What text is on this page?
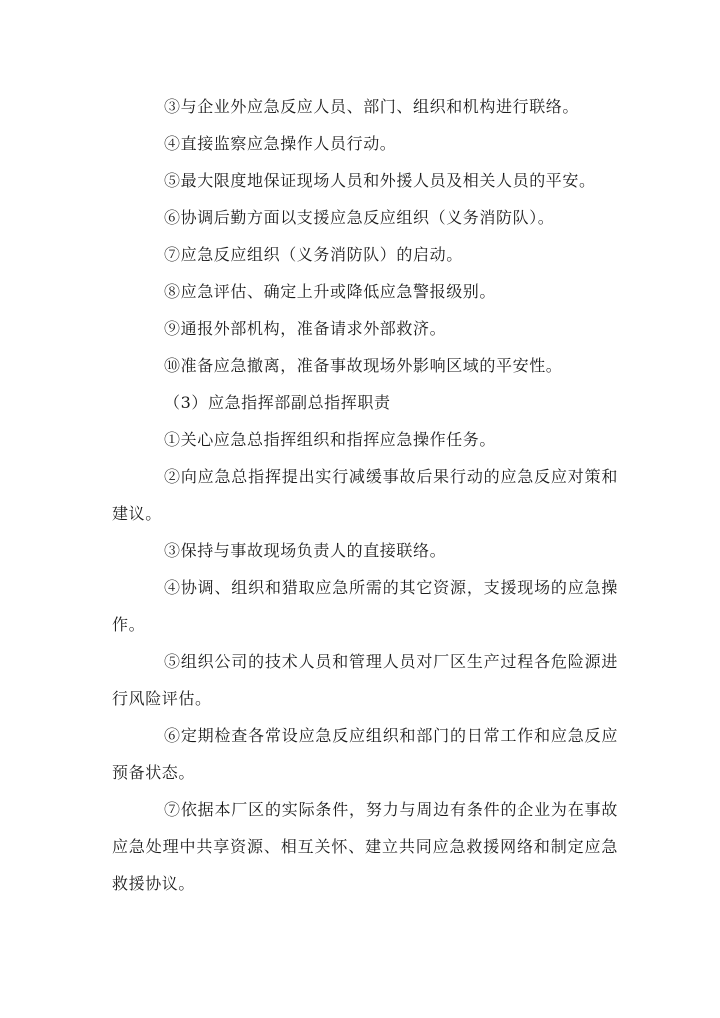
③与企业外应急反应人员、部门、组织和机构进行联络。

④直接监察应急操作人员行动。

⑤最大限度地保证现场人员和外援人员及相关人员的平安。

⑥协调后勤方面以支援应急反应组织（义务消防队）。

⑦应急反应组织（义务消防队）的启动。

⑧应急评估、确定上升或降低应急警报级别。

⑨通报外部机构，准备请求外部救济。

⑩准备应急撤离，准备事故现场外影响区域的平安性。

（3）应急指挥部副总指挥职责

①关心应急总指挥组织和指挥应急操作任务。

②向应急总指挥提出实行减缓事故后果行动的应急反应对策和建议。

③保持与事故现场负责人的直接联络。

④协调、组织和猎取应急所需的其它资源，支援现场的应急操作。

⑤组织公司的技术人员和管理人员对厂区生产过程各危险源进行风险评估。

⑥定期检查各常设应急反应组织和部门的日常工作和应急反应预备状态。

⑦依据本厂区的实际条件，努力与周边有条件的企业为在事故应急处理中共享资源、相互关怀、建立共同应急救援网络和制定应急救援协议。
